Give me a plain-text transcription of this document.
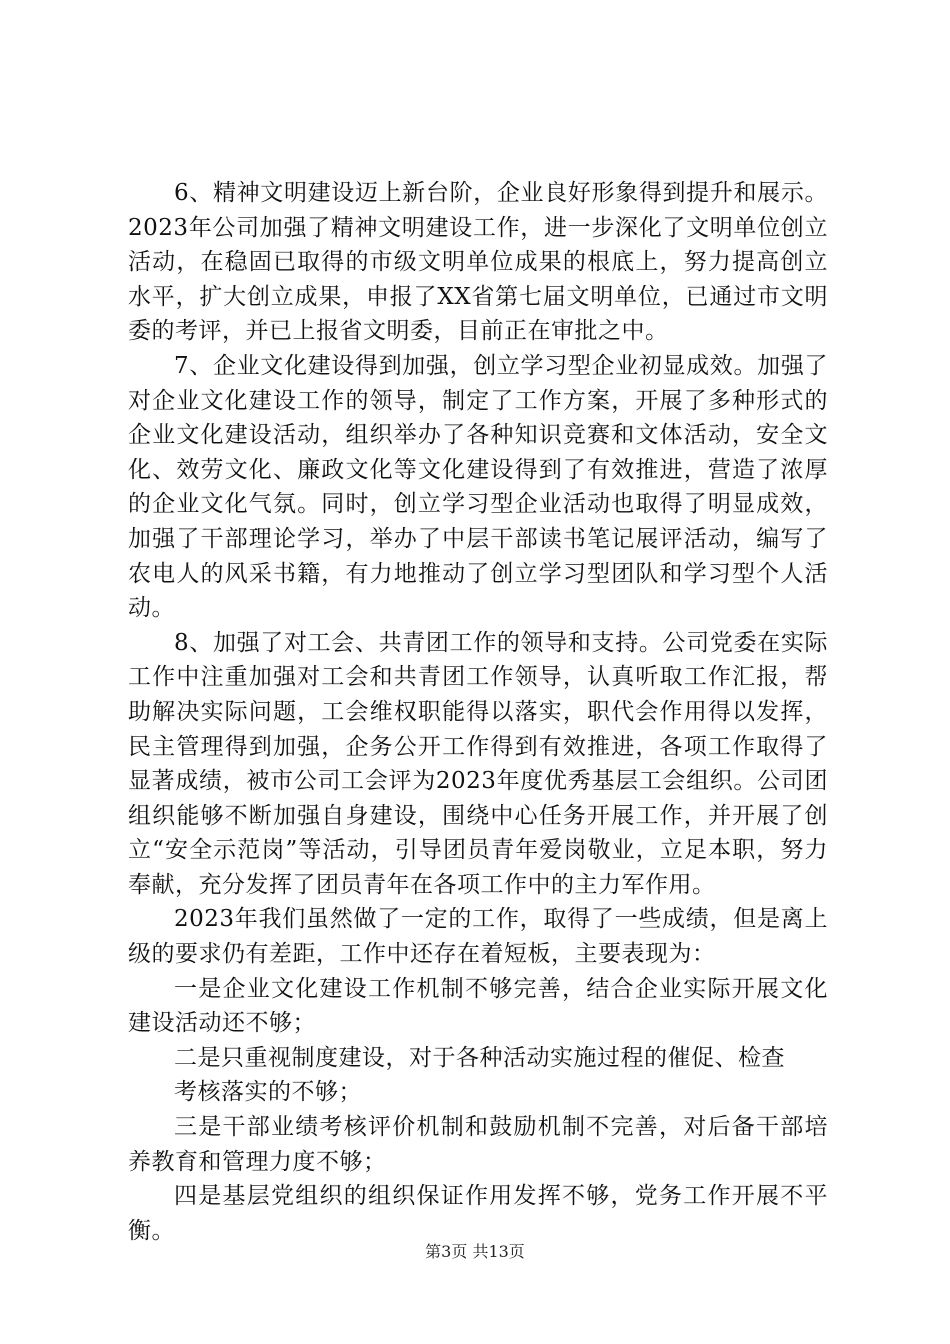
6、精神文明建设迈上新台阶，企业良好形象得到提升和展示。2023年公司加强了精神文明建设工作，进一步深化了文明单位创立活动，在稳固已取得的市级文明单位成果的根底上，努力提高创立水平，扩大创立成果，申报了XX省第七届文明单位，已通过市文明委的考评，并已上报省文明委，目前正在审批之中。

7、企业文化建设得到加强，创立学习型企业初显成效。加强了对企业文化建设工作的领导，制定了工作方案，开展了多种形式的企业文化建设活动，组织举办了各种知识竞赛和文体活动，安全文化、效劳文化、廉政文化等文化建设得到了有效推进，营造了浓厚的企业文化气氛。同时，创立学习型企业活动也取得了明显成效，加强了干部理论学习，举办了中层干部读书笔记展评活动，编写了农电人的风采书籍，有力地推动了创立学习型团队和学习型个人活动。

8、加强了对工会、共青团工作的领导和支持。公司党委在实际工作中注重加强对工会和共青团工作领导，认真听取工作汇报，帮助解决实际问题，工会维权职能得以落实，职代会作用得以发挥，民主管理得到加强，企务公开工作得到有效推进，各项工作取得了显著成绩，被市公司工会评为2023年度优秀基层工会组织。公司团组织能够不断加强自身建设，围绕中心任务开展工作，并开展了创立“安全示范岗”等活动，引导团员青年爱岗敬业，立足本职，努力奉献，充分发挥了团员青年在各项工作中的主力军作用。

2023年我们虽然做了一定的工作，取得了一些成绩，但是离上级的要求仍有差距，工作中还存在着短板，主要表现为：

一是企业文化建设工作机制不够完善，结合企业实际开展文化建设活动还不够；

二是只重视制度建设，对于各种活动实施过程的催促、检查

考核落实的不够；

三是干部业绩考核评价机制和鼓励机制不完善，对后备干部培养教育和管理力度不够；

四是基层党组织的组织保证作用发挥不够，党务工作开展不平衡。

第3页 共13页
